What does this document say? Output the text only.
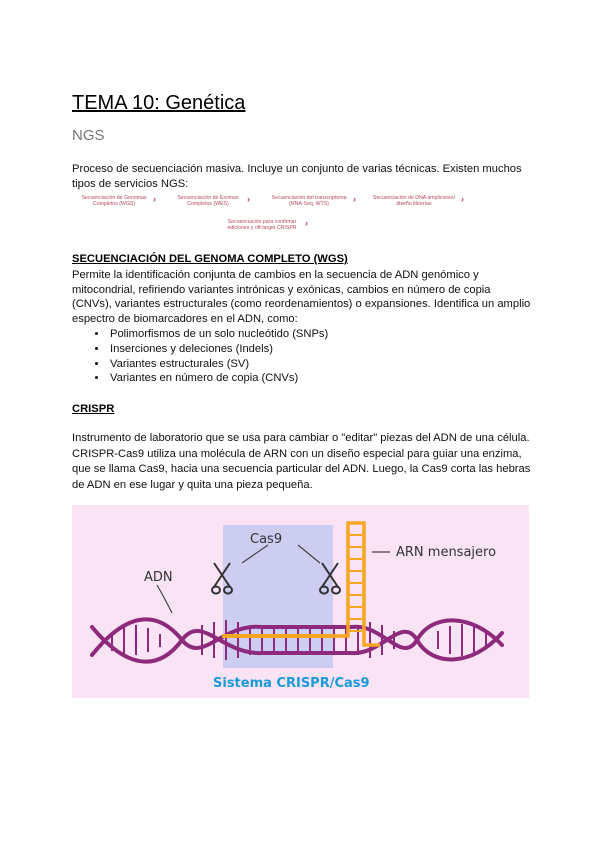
TEMA 10: Genética
NGS

Proceso de secuenciación masiva. Incluye un conjunto de varias técnicas. Existen muchos tipos de servicios NGS:

Secuenciación de Genomas Completos (WGS) ›	Secuenciación de Exomas Completos (WES) ›	Secuenciación del transcriptoma (RNA-Seq, WTS)	›	Secuenciación de DNA amplicones/ diseño librerías	›
Secuenciación para confirmar ediciones y off-target CRISPR ›
SECUENCIACIÓN DEL GENOMA COMPLETO (WGS)

Permite la identificación conjunta de cambios en la secuencia de ADN genómico y mitocondrial, refiriendo variantes intrónicas y exónicas, cambios en número de copia (CNVs), variantes estructurales (como reordenamientos) o expansiones. Identifica un amplio espectro de biomarcadores en el ADN, como:

• Polimorfismos de un solo nucleótido (SNPs)
• Inserciones y deleciones (Indels)
• Variantes estructurales (SV)
• Variantes en número de copia (CNVs)
CRISPR

Instrumento de laboratorio que se usa para cambiar o "editar" piezas del ADN de una célula. CRISPR-Cas9 utiliza una molécula de ARN con un diseño especial para guiar una enzima, que se llama Cas9, hacia una secuencia particular del ADN. Luego, la Cas9 corta las hebras de ADN en ese lugar y quita una pieza pequeña.

Cas9
ADN
ARN mensajero
Sistema CRISPR/Cas9
